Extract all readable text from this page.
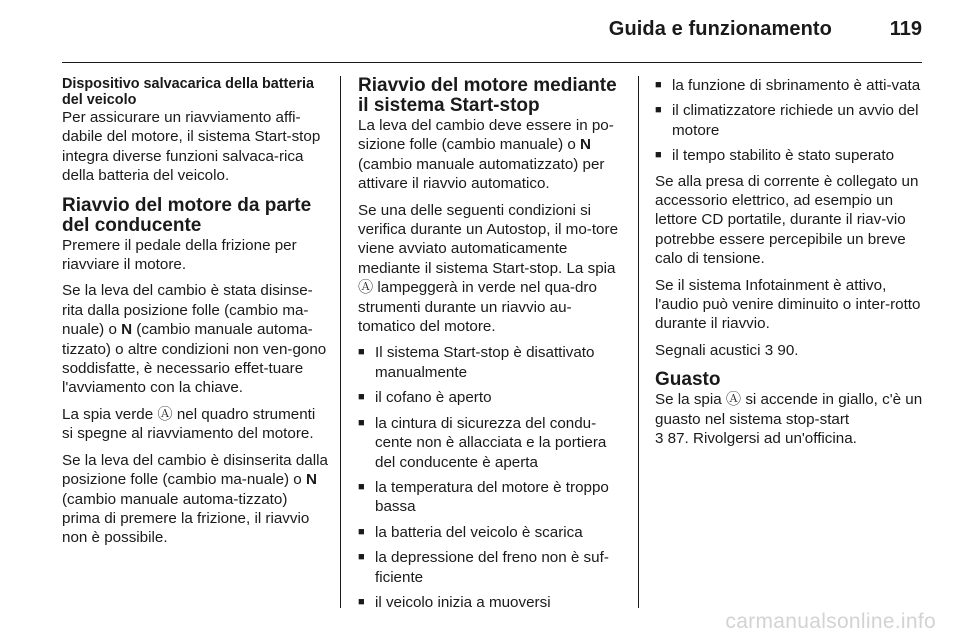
Guida e funzionamento	119
Dispositivo salvacarica della batteria del veicolo

Per assicurare un riavviamento affi-dabile del motore, il sistema Start-stop integra diverse funzioni salvaca-rica della batteria del veicolo.

Riavvio del motore da parte del conducente

Premere il pedale della frizione per riavviare il motore.

Se la leva del cambio è stata disinse-rita dalla posizione folle (cambio ma-nuale) o N (cambio manuale automa-tizzato) o altre condizioni non ven-gono soddisfatte, è necessario effet-tuare l'avviamento con la chiave.

La spia verde Ⓐ nel quadro strumenti si spegne al riavviamento del motore.

Se la leva del cambio è disinserita dalla posizione folle (cambio ma-nuale) o N (cambio manuale automa-tizzato) prima di premere la frizione, il riavvio non è possibile.

Riavvio del motore mediante il sistema Start-stop

La leva del cambio deve essere in po-sizione folle (cambio manuale) o N (cambio manuale automatizzato) per attivare il riavvio automatico.

Se una delle seguenti condizioni si verifica durante un Autostop, il mo-tore viene avviato automaticamente mediante il sistema Start-stop. La spia Ⓐ lampeggerà in verde nel qua-dro strumenti durante un riavvio au-tomatico del motore.

■ Il sistema Start-stop è disattivato manualmente
■ il cofano è aperto
■ la cintura di sicurezza del condu-cente non è allacciata e la portiera del conducente è aperta
■ la temperatura del motore è troppo bassa
■ la batteria del veicolo è scarica
■ la depressione del freno non è suf-ficiente
■ il veicolo inizia a muoversi
■ la funzione di sbrinamento è atti-vata
■ il climatizzatore richiede un avvio del motore
■ il tempo stabilito è stato superato

Se alla presa di corrente è collegato un accessorio elettrico, ad esempio un lettore CD portatile, durante il riav-vio potrebbe essere percepibile un breve calo di tensione.

Se il sistema Infotainment è attivo, l'audio può venire diminuito o inter-rotto durante il riavvio.

Segnali acustici 3 90.

Guasto

Se la spia Ⓐ si accende in giallo, c'è un guasto nel sistema stop-start
3 87. Rivolgersi ad un'officina.

carmanualsonline.info
